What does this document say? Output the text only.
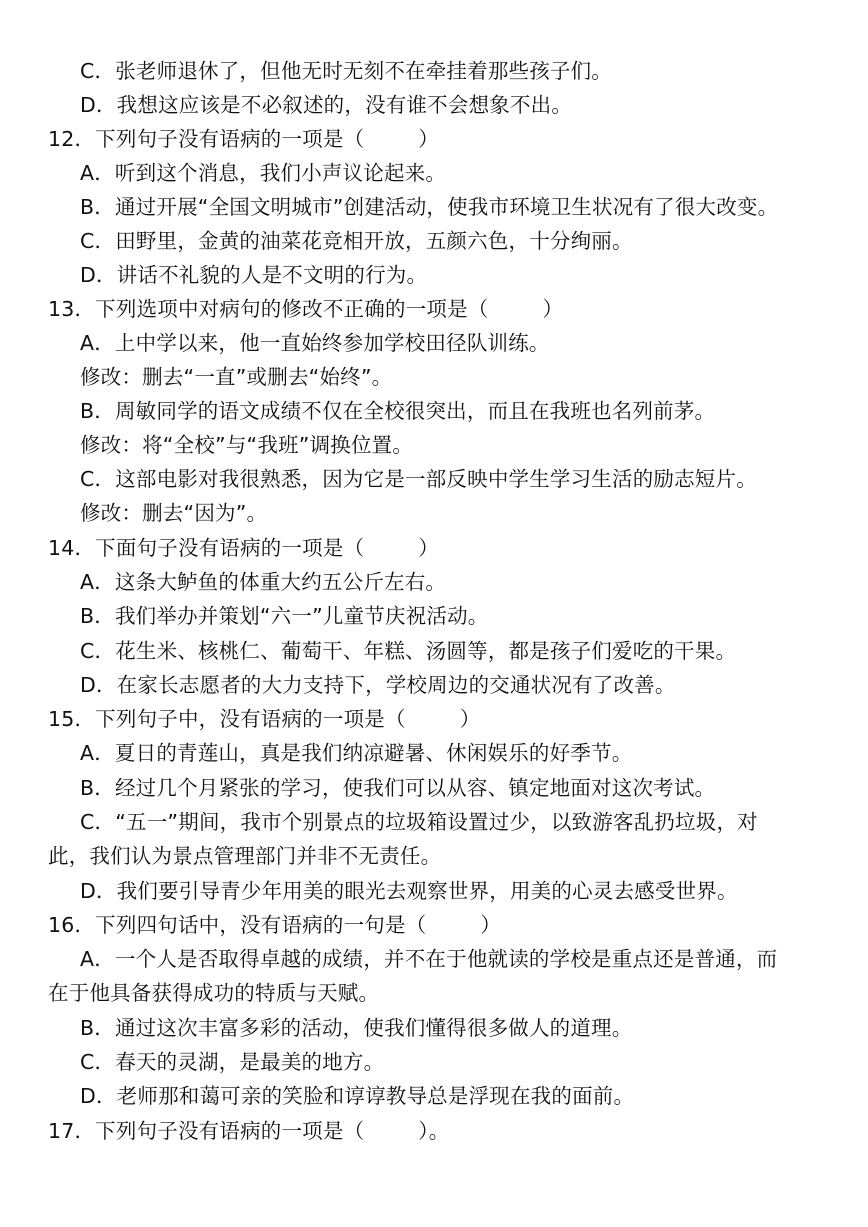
C．张老师退休了，但他无时无刻不在牵挂着那些孩子们。
D．我想这应该是不必叙述的，没有谁不会想象不出。
12．下列句子没有语病的一项是（	）
A．听到这个消息，我们小声议论起来。
B．通过开展“全国文明城市”创建活动，使我市环境卫生状况有了很大改变。
C．田野里，金黄的油菜花竞相开放，五颜六色，十分绚丽。
D．讲话不礼貌的人是不文明的行为。
13．下列选项中对病句的修改不正确的一项是（	）
A．上中学以来，他一直始终参加学校田径队训练。
修改：删去“一直”或删去“始终”。
B．周敏同学的语文成绩不仅在全校很突出，而且在我班也名列前茅。
修改：将“全校”与“我班”调换位置。
C．这部电影对我很熟悉，因为它是一部反映中学生学习生活的励志短片。
修改：删去“因为”。
14．下面句子没有语病的一项是（	）
A．这条大鲈鱼的体重大约五公斤左右。
B．我们举办并策划“六一”儿童节庆祝活动。
C．花生米、核桃仁、葡萄干、年糕、汤圆等，都是孩子们爱吃的干果。
D．在家长志愿者的大力支持下，学校周边的交通状况有了改善。
15．下列句子中，没有语病的一项是（	）
A．夏日的青莲山，真是我们纳凉避暑、休闲娱乐的好季节。
B．经过几个月紧张的学习，使我们可以从容、镇定地面对这次考试。
C．“五一”期间，我市个别景点的垃圾箱设置过少，以致游客乱扔垃圾，对
此，我们认为景点管理部门并非不无责任。
D．我们要引导青少年用美的眼光去观察世界，用美的心灵去感受世界。
16．下列四句话中，没有语病的一句是（	）
A．一个人是否取得卓越的成绩，并不在于他就读的学校是重点还是普通，而
在于他具备获得成功的特质与天赋。
B．通过这次丰富多彩的活动，使我们懂得很多做人的道理。
C．春天的灵湖，是最美的地方。
D．老师那和蔼可亲的笑脸和谆谆教导总是浮现在我的面前。
17．下列句子没有语病的一项是（	）。
